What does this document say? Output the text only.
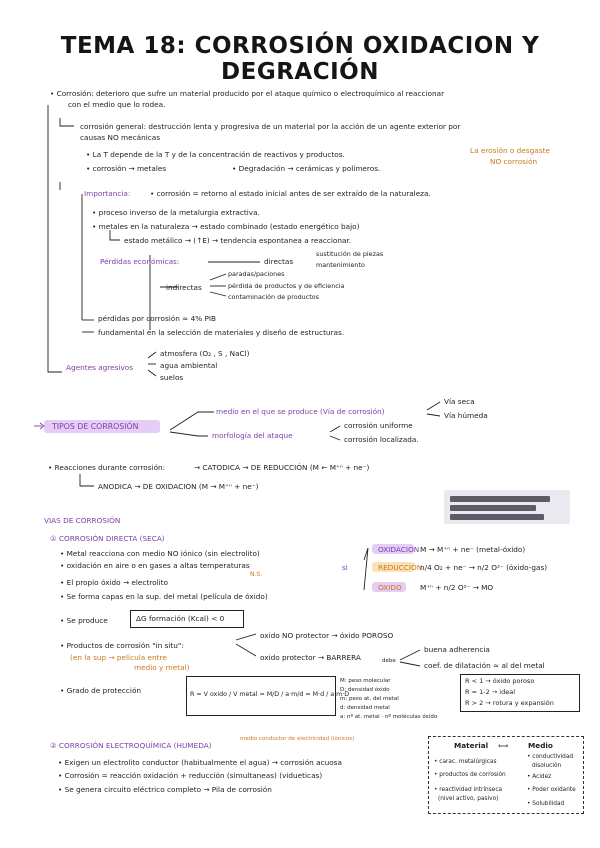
TEMA 18: CORROSIÓN OXIDACION Y DEGRACIÓN
• Corrosión: deterioro que sufre un material producido por el ataque químico o electroquímico al reaccionar
con el medio que lo rodea.
corrosión general: destrucción lenta y progresiva de un material por la acción de un agente exterior por
causas NO mecánicas
• La T depende de la T y de la concentración de reactivos y productos.
• corrosión → metales	• Degradación → cerámicas y polímeros.
La erosión o desgaste
NO corrosión
Importancia:	• corrosión = retorno al estado inicial antes de ser extraído de la naturaleza.
• proceso inverso de la metalurgia extractiva.
• metales en la naturaleza → estado combinado (estado energético bajo)
estado metálico → (↑E) → tendencia espontanea a reaccionar.
Pérdidas económicas:	directas
sustitución de piezas
mantenimiento
indirectas
paradas/paciones
pérdida de productos y de eficiencia
contaminación de productos
pérdidas por corrosión ≈ 4% PIB
fundamental en la selección de materiales y diseño de estructuras.
Agentes agresivos
atmosfera (O₂ , S , NaCl)
agua ambiental
suelos
TIPOS DE CORROSIÓN
medio en el que se produce (Vía de corrosión)
Vía seca
Vía húmeda
morfología del ataque
corrosión uniforme
corrosión localizada.
• Reacciones durante corrosión:	→ CATODICA → DE REDUCCIÓN (M ← M⁺ⁿ + ne⁻)
ANODICA → DE OXIDACION (M → M⁺ⁿ + ne⁻)
VIAS DE CORROSIÓN
① CORROSIÓN DIRECTA (SECA)
• Metal reacciona con medio NO iónico (sin electrolito)
• oxidación en aire o en gases a altas temperaturas
N.S.
• El propio óxido → electrolito
• Se forma capas en la sup. del metal (película de óxido)
si
OXIDACION M → M⁺ⁿ + ne⁻ (metal-óxido)
REDUCCIÓN
n/4 O₂ + ne⁻ → n/2 O²⁻ (óxido-gas)
OXIDO M⁺ⁿ + n/2 O²⁻ → MO
• Se produce	ΔG formación (Kcal) < 0
• Productos de corrosión "in situ":
(en la sup → película entre
medio y metal)
oxido NO protector → óxido POROSO
oxido protector → BARRERA	debe
buena adherencia
coef. de dilatación ≈ al del metal
• Grado de protección	R = V oxido / V metal = M/D / a·m/d = M·d / a·m·D
M: peso molecular
D: densidad óxido
m: peso at. del metal
d: densidad metal
a: nº at. metal · nº moléculas óxido
R < 1 → óxido poroso
R = 1-2 → ideal
R > 2 → rotura y expansión
② CORROSIÓN ELECTROQUÍMICA (HUMEDA)
medio conductor de electricidad (iónicos)
• Exigen un electrolito conductor (habitualmente el agua) → corrosión acuosa
• Corrosión = reacción oxidación + reducción (simultaneas) (vidueticas)
• Se genera circuito eléctrico completo → Pila de corrosión
Material ⟺	Medio
• carac. metalúrgicas
• productos de corrosión
• reactividad intrínseca
(nivel activo, pasivo)
• conductividad
disolución
• Acidez
• Poder oxidante
• Solubilidad
